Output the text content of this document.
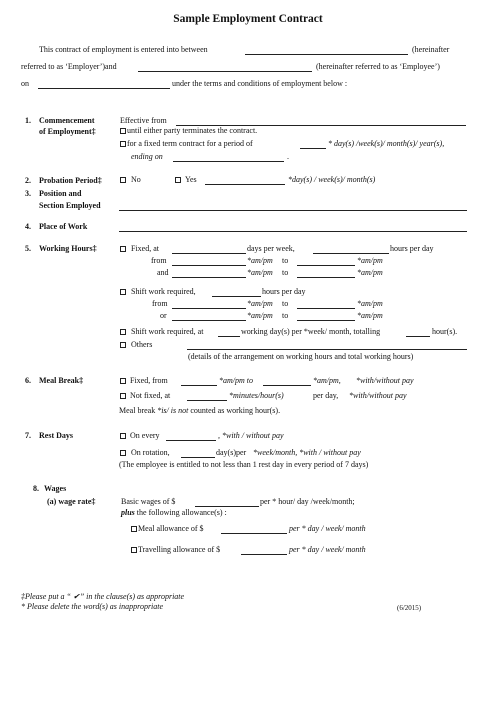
Sample Employment Contract
This contract of employment is entered into between	(hereinafter
referred to as ‘Employer’)and	(hereinafter referred to as ‘Employee’)
on	under the terms and conditions of employment below :
1. Commencement
of Employment‡
Effective from
until either party terminates the contract.
for a fixed term contract for a period of	* day(s) /week(s)/ month(s)/ year(s),
ending on	.
2. Probation Period‡	No	Yes	*day(s) / week(s)/ month(s)
3. Position and
Section Employed
4. Place of Work
5. Working Hours‡	Fixed, at	days per week,	hours per day
from	*am/pm to	*am/pm
and	*am/pm to	*am/pm
Shift work required,	hours per day
from	*am/pm to	*am/pm
or	*am/pm to	*am/pm
Shift work required, at	working day(s) per *week/ month, totalling	hour(s).
Others
(details of the arrangement on working hours and total working hours)
6. Meal Break‡	Fixed, from	*am/pm to	*am/pm, *with/without pay
Not fixed, at	*minutes/hour(s)	per day, *with/without pay
Meal break *is/ is not counted as working hour(s).
7. Rest Days	On every	, *with / without pay
On rotation,	day(s)per *week/month, *with / without pay
(The employee is entitled to not less than 1 rest day in every period of 7 days)
8. Wages
(a) wage rate‡	Basic wages of $	per * hour/ day /week/month;
plus the following allowance(s) :
Meal allowance of $	per * day / week/ month
Travelling allowance of $	per * day / week/ month
‡Please put a “ ✔” in the clause(s) as appropriate
* Please delete the word(s) as inappropriate	(6/2015)
